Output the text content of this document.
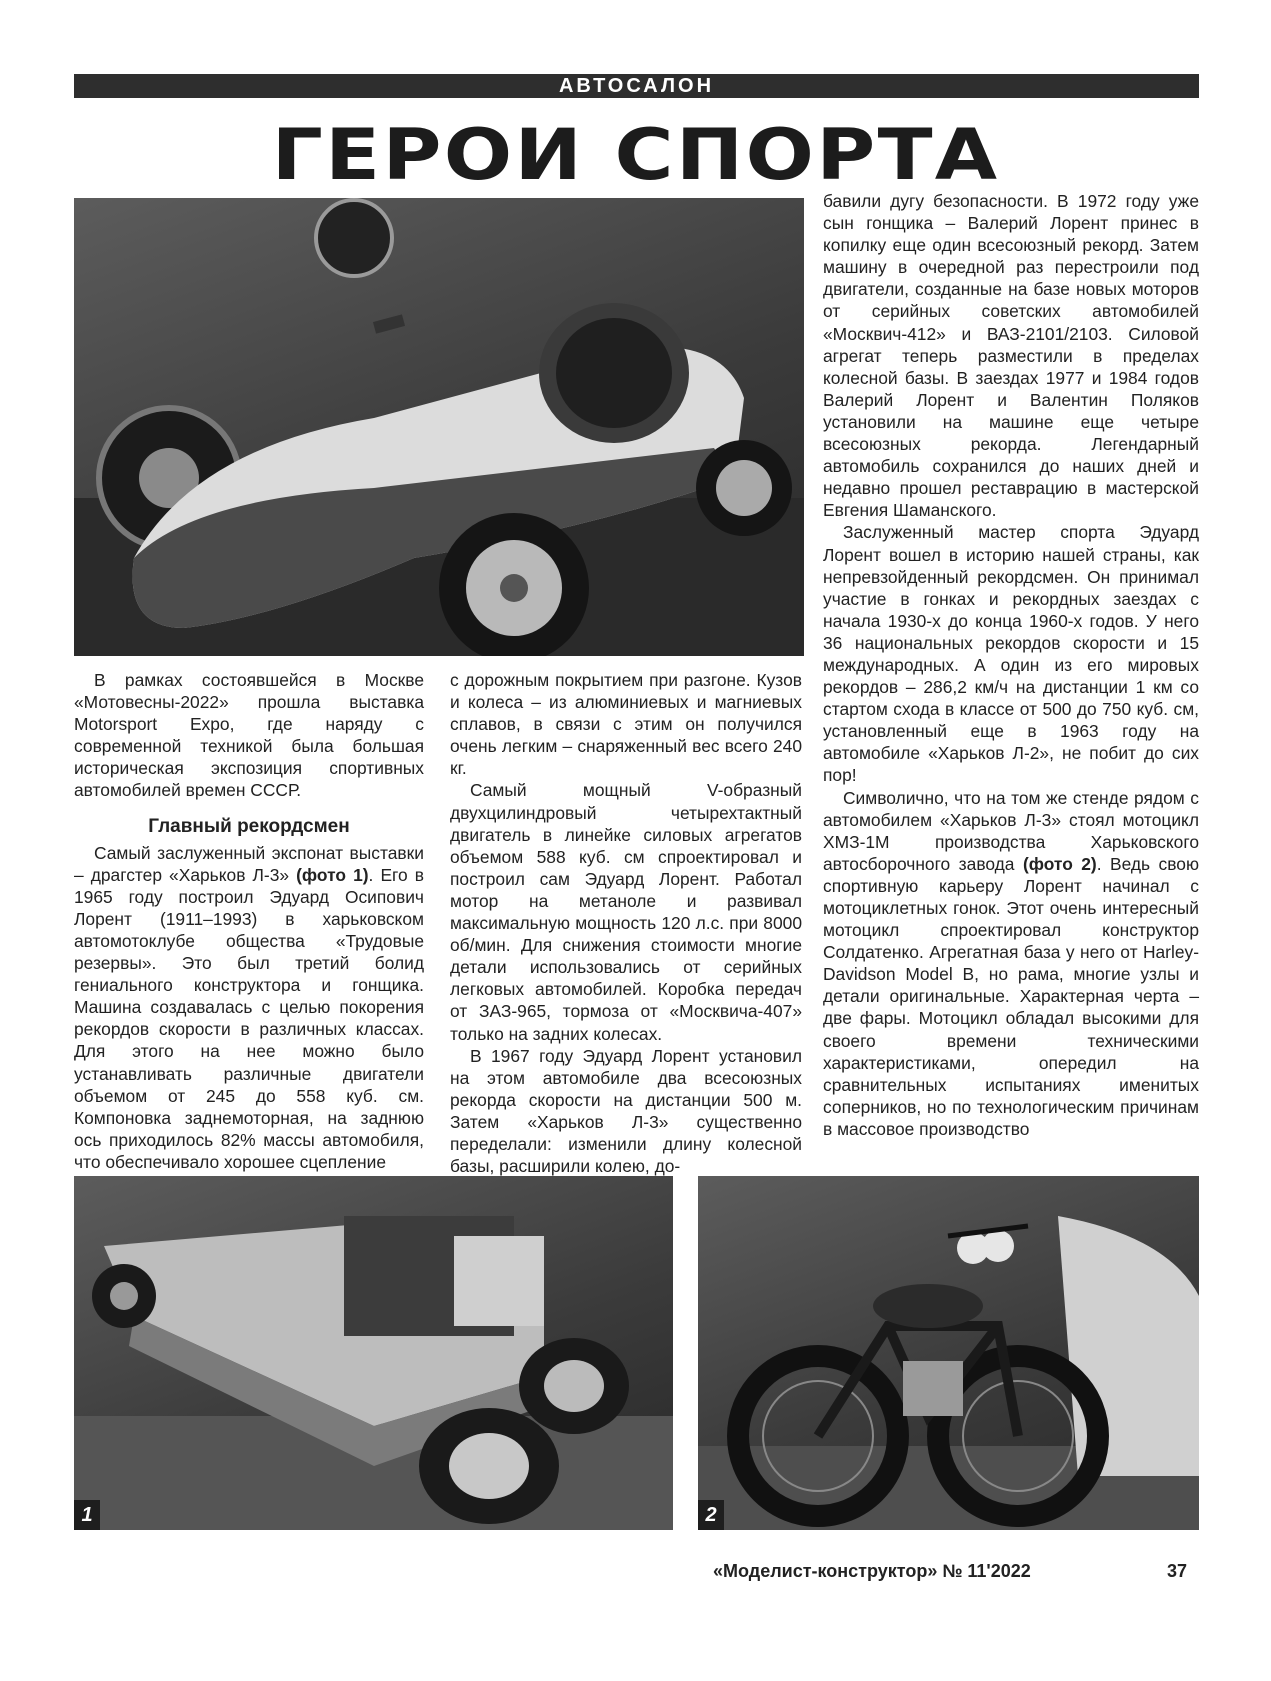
АВТОСАЛОН
ГЕРОИ СПОРТА

бавили дугу безопасности. В 1972 году уже сын гонщика – Валерий Лорент принес в копилку еще один всесоюзный рекорд. Затем машину в очередной раз перестроили под двигатели, созданные на базе новых моторов от серийных советских автомобилей «Москвич-412» и ВАЗ-2101/2103. Силовой агрегат теперь разместили в пределах колесной базы. В заездах 1977 и 1984 годов Валерий Лорент и Валентин Поляков установили на машине еще четыре всесоюзных рекорда. Легендарный автомобиль сохранился до наших дней и недавно прошел реставрацию в мастерской Евгения Шаманского.

Заслуженный мастер спорта Эдуард Лорент вошел в историю нашей страны, как непревзойденный рекордсмен. Он принимал участие в гонках и рекордных заездах с начала 1930-х до конца 1960-х годов. У него 36 национальных рекордов скорости и 15 международных. А один из его мировых рекордов – 286,2 км/ч на дистанции 1 км со стартом схода в классе от 500 до 750 куб. см, установленный еще в 1963 году на автомобиле «Харьков Л-2», не побит до сих пор!

Символично, что на том же стенде рядом с автомобилем «Харьков Л-3» стоял мотоцикл ХМЗ-1М производства Харьковского автосборочного завода (фото 2). Ведь свою спортивную карьеру Лорент начинал с мотоциклетных гонок. Этот очень интересный мотоцикл спроектировал конструктор Солдатенко. Агрегатная база у него от Harley-Davidson Model B, но рама, многие узлы и детали оригинальные. Характерная черта – две фары. Мотоцикл обладал высокими для своего времени техническими характеристиками, опередил на сравнительных испытаниях именитых соперников, но по технологическим причинам в массовое производство

В рамках состоявшейся в Москве «Мотовесны-2022» прошла выставка Motorsport Expo, где наряду с современной техникой была большая историческая экспозиция спортивных автомобилей времен СССР.

Главный рекордсмен

Самый заслуженный экспонат выставки – драгстер «Харьков Л-3» (фото 1). Его в 1965 году построил Эдуард Осипович Лорент (1911–1993) в харьковском автомотоклубе общества «Трудовые резервы». Это был третий болид гениального конструктора и гонщика. Машина создавалась с целью покорения рекордов скорости в различных классах. Для этого на нее можно было устанавливать различные двигатели объемом от 245 до 558 куб. см. Компоновка заднемоторная, на заднюю ось приходилось 82% массы автомобиля, что обеспечивало хорошее сцепление

с дорожным покрытием при разгоне. Кузов и колеса – из алюминиевых и магниевых сплавов, в связи с этим он получился очень легким – снаряженный вес всего 240 кг.

Самый мощный V-образный двухцилиндровый четырехтактный двигатель в линейке силовых агрегатов объемом 588 куб. см спроектировал и построил сам Эдуард Лорент. Работал мотор на метаноле и развивал максимальную мощность 120 л.с. при 8000 об/мин. Для снижения стоимости многие детали использовались от серийных легковых автомобилей. Коробка передач от ЗАЗ-965, тормоза от «Москвича-407» только на задних колесах.

В 1967 году Эдуард Лорент установил на этом автомобиле два всесоюзных рекорда скорости на дистанции 500 м. Затем «Харьков Л-3» существенно переделали: изменили длину колесной базы, расширили колею, до-

1	2
«Моделист-конструктор» № 11'2022	37
